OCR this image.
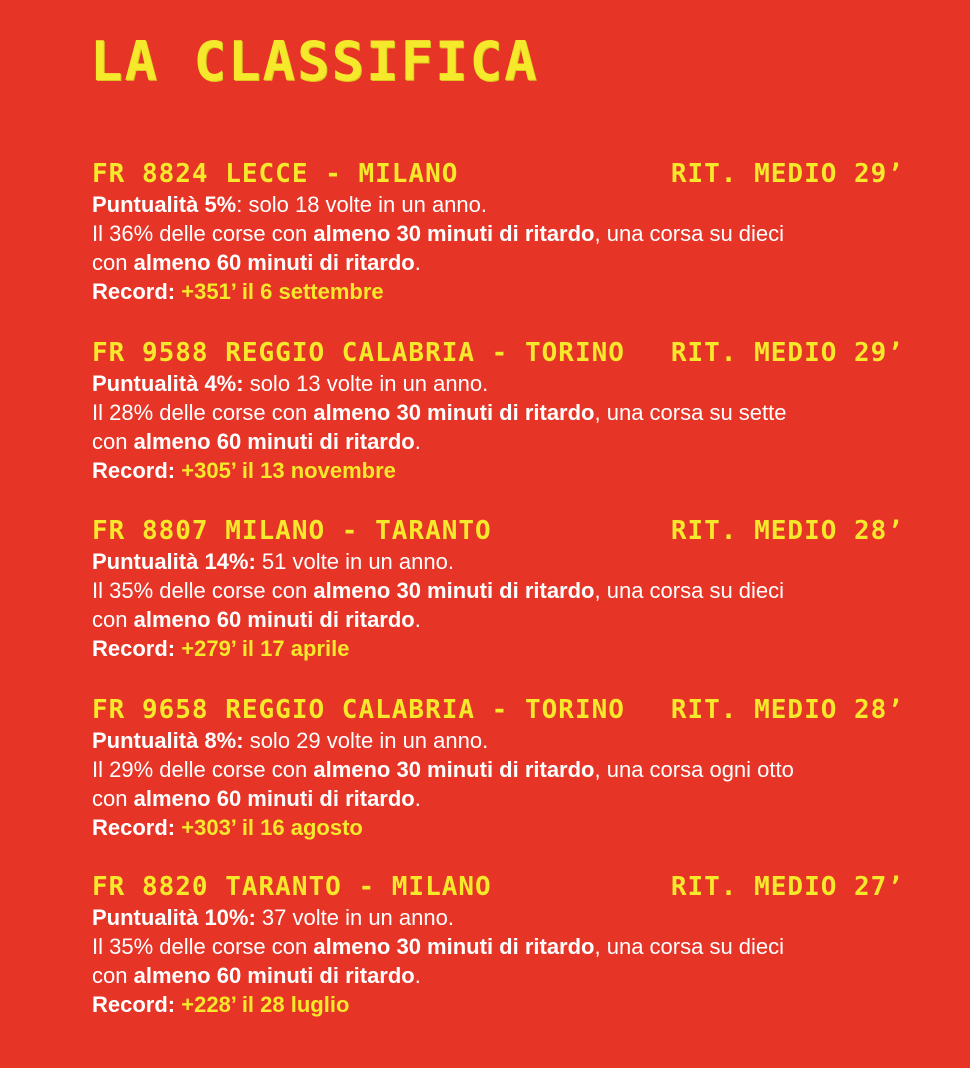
LA CLASSIFICA
FR 8824 LECCE - MILANO	RIT. MEDIO 29’
Puntualità 5%: solo 18 volte in un anno.
Il 36% delle corse con almeno 30 minuti di ritardo, una corsa su dieci
con almeno 60 minuti di ritardo.
Record: +351’ il 6 settembre
FR 9588 REGGIO CALABRIA - TORINO RIT. MEDIO 29’
Puntualità 4%: solo 13 volte in un anno.
Il 28% delle corse con almeno 30 minuti di ritardo, una corsa su sette
con almeno 60 minuti di ritardo.
Record: +305’ il 13 novembre
FR 8807 MILANO - TARANTO	RIT. MEDIO 28’
Puntualità 14%: 51 volte in un anno.
Il 35% delle corse con almeno 30 minuti di ritardo, una corsa su dieci
con almeno 60 minuti di ritardo.
Record: +279’ il 17 aprile
FR 9658 REGGIO CALABRIA - TORINO RIT. MEDIO 28’
Puntualità 8%: solo 29 volte in un anno.
Il 29% delle corse con almeno 30 minuti di ritardo, una corsa ogni otto
con almeno 60 minuti di ritardo.
Record: +303’ il 16 agosto
FR 8820 TARANTO - MILANO	RIT. MEDIO 27’
Puntualità 10%: 37 volte in un anno.
Il 35% delle corse con almeno 30 minuti di ritardo, una corsa su dieci
con almeno 60 minuti di ritardo.
Record: +228’ il 28 luglio
